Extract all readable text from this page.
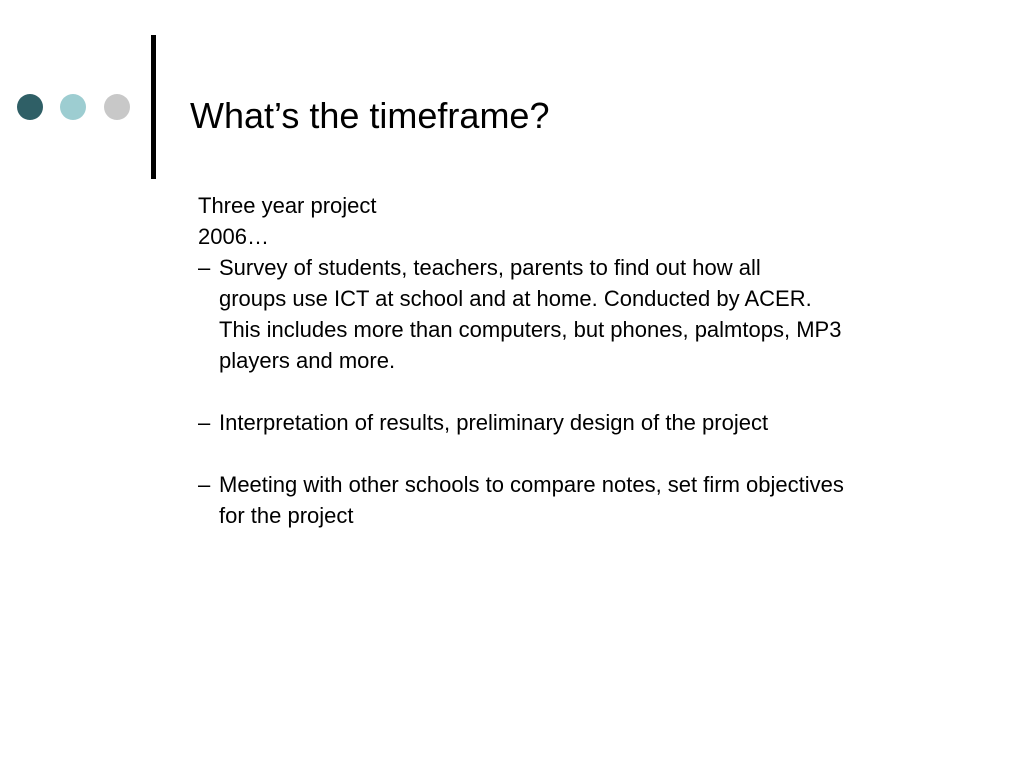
What’s the timeframe?
Three year project
2006…
– Survey of students, teachers, parents to find out how all
groups use ICT at school and at home. Conducted by ACER.
This includes more than computers, but phones, palmtops, MP3
players and more.
– Interpretation of results, preliminary design of the project
– Meeting with other schools to compare notes, set firm objectives
for the project
